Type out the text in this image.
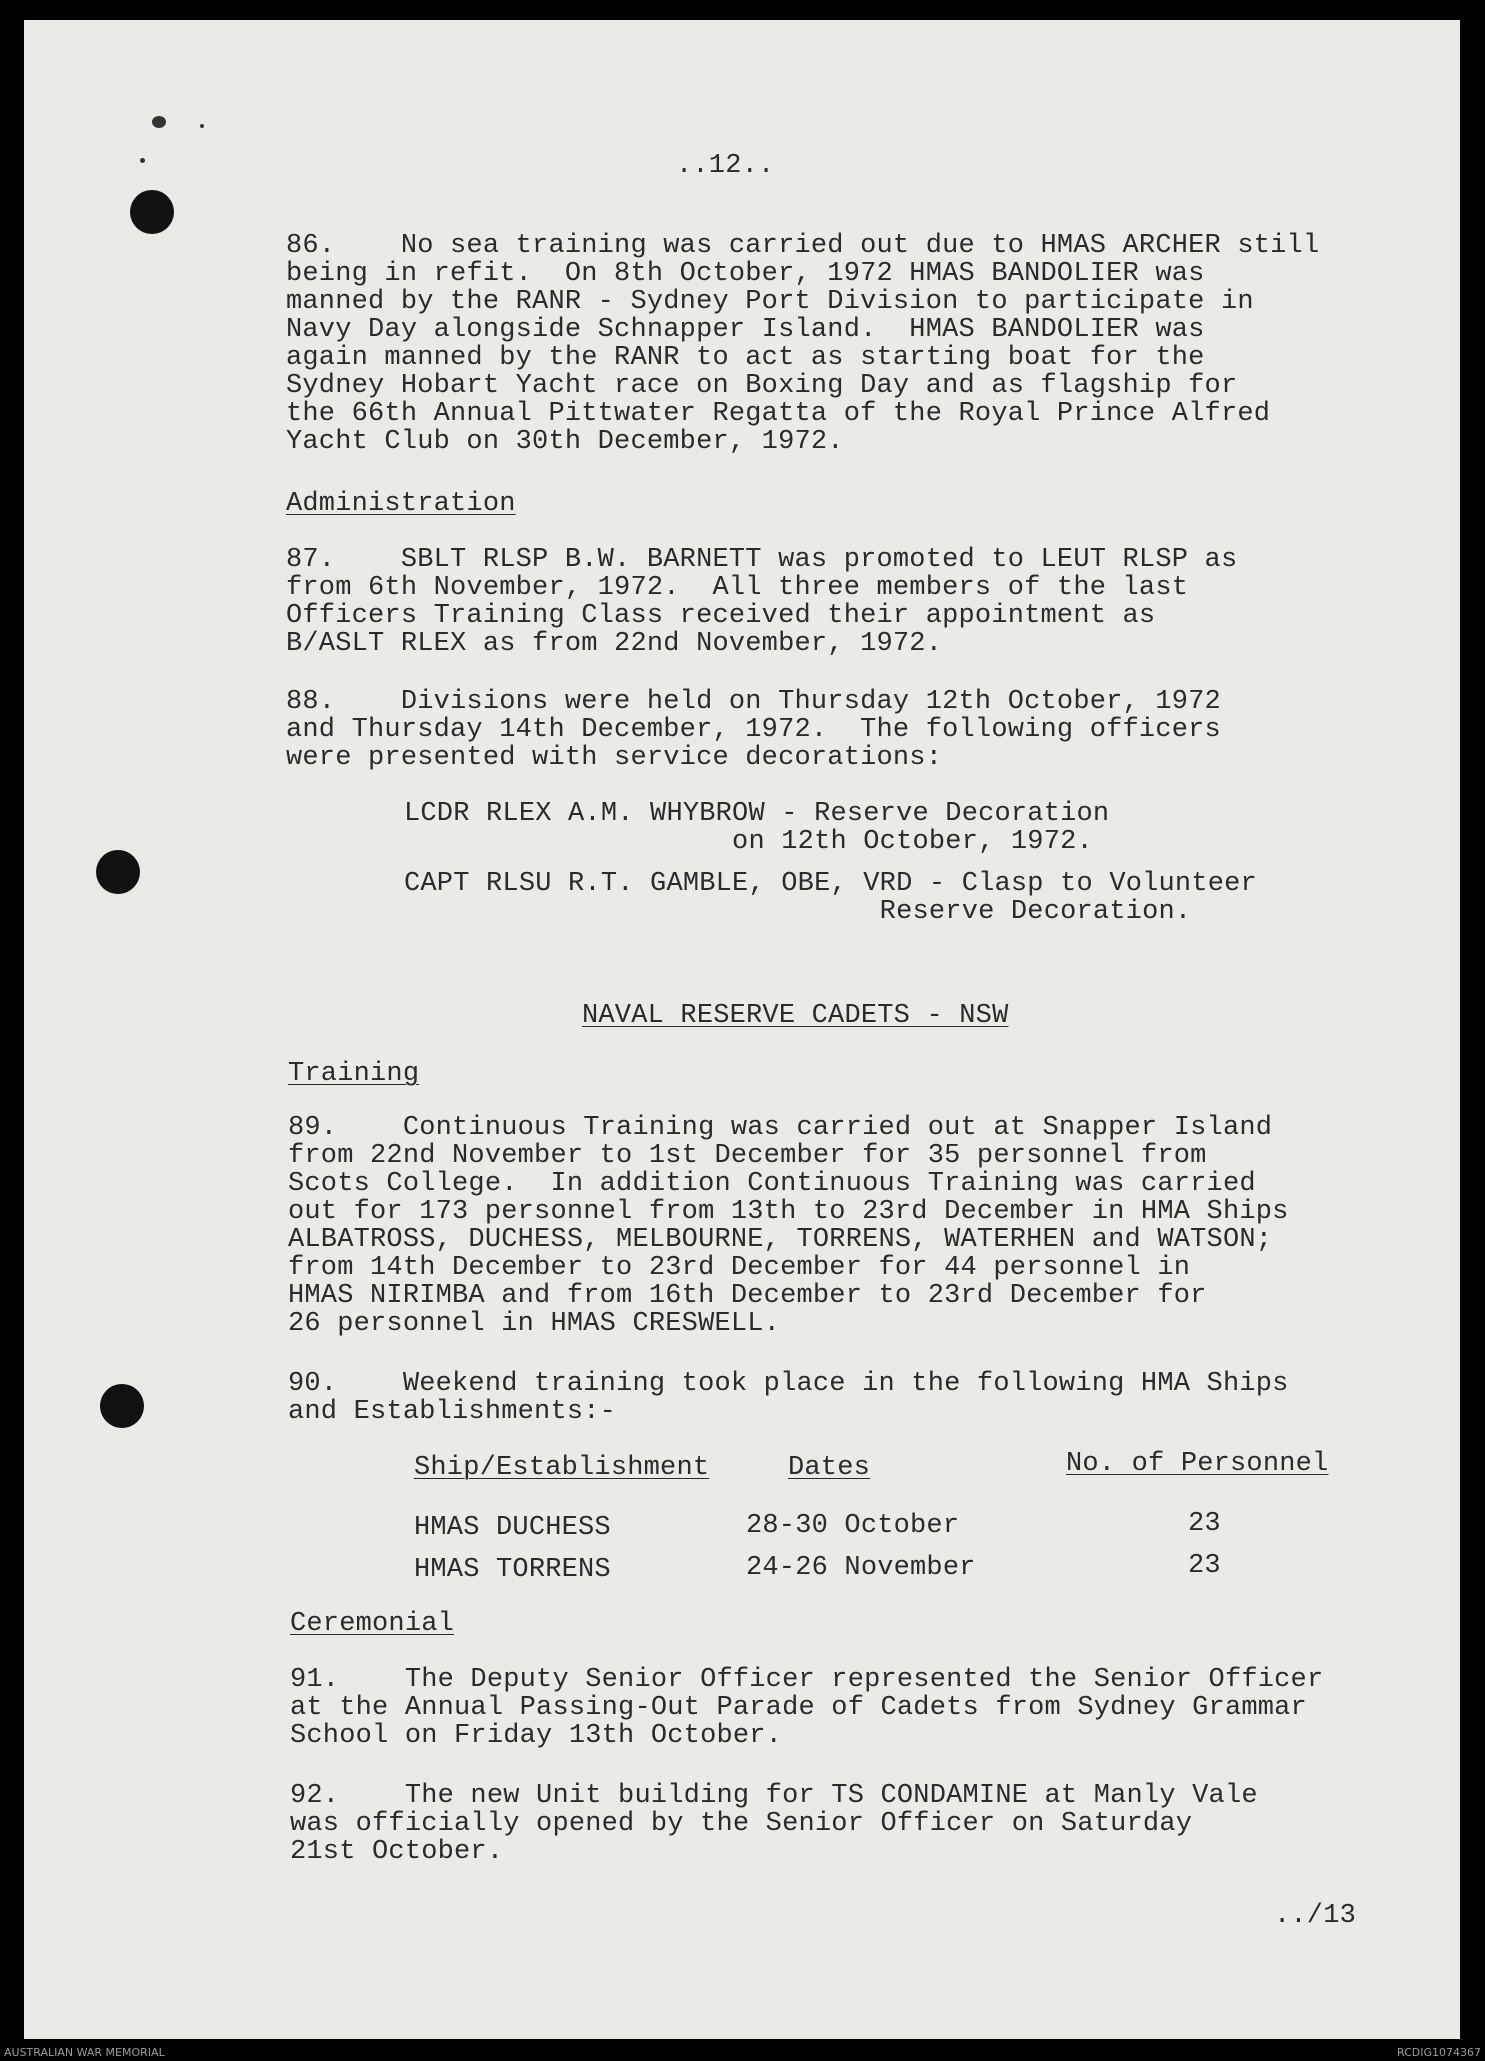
..12..
86.    No sea training was carried out due to HMAS ARCHER still
being in refit.  On 8th October, 1972 HMAS BANDOLIER was
manned by the RANR - Sydney Port Division to participate in
Navy Day alongside Schnapper Island.  HMAS BANDOLIER was
again manned by the RANR to act as starting boat for the
Sydney Hobart Yacht race on Boxing Day and as flagship for
the 66th Annual Pittwater Regatta of the Royal Prince Alfred
Yacht Club on 30th December, 1972.
Administration
87.    SBLT RLSP B.W. BARNETT was promoted to LEUT RLSP as
from 6th November, 1972.  All three members of the last
Officers Training Class received their appointment as
B/ASLT RLEX as from 22nd November, 1972.
88.    Divisions were held on Thursday 12th October, 1972
and Thursday 14th December, 1972.  The following officers
were presented with service decorations:
LCDR RLEX A.M. WHYBROW - Reserve Decoration
on 12th October, 1972.
CAPT RLSU R.T. GAMBLE, OBE, VRD - Clasp to Volunteer
Reserve Decoration.
NAVAL RESERVE CADETS - NSW
Training
89.    Continuous Training was carried out at Snapper Island
from 22nd November to 1st December for 35 personnel from
Scots College.  In addition Continuous Training was carried
out for 173 personnel from 13th to 23rd December in HMA Ships
ALBATROSS, DUCHESS, MELBOURNE, TORRENS, WATERHEN and WATSON;
from 14th December to 23rd December for 44 personnel in
HMAS NIRIMBA and from 16th December to 23rd December for
26 personnel in HMAS CRESWELL.
90.    Weekend training took place in the following HMA Ships
and Establishments:-
Ship/Establishment	Dates	No. of Personnel
HMAS DUCHESS	28-30 October	23
HMAS TORRENS	24-26 November	23
Ceremonial
91.    The Deputy Senior Officer represented the Senior Officer
at the Annual Passing-Out Parade of Cadets from Sydney Grammar
School on Friday 13th October.
92.    The new Unit building for TS CONDAMINE at Manly Vale
was officially opened by the Senior Officer on Saturday
21st October.
../13
AUSTRALIAN WAR MEMORIAL	RCDIG1074367
